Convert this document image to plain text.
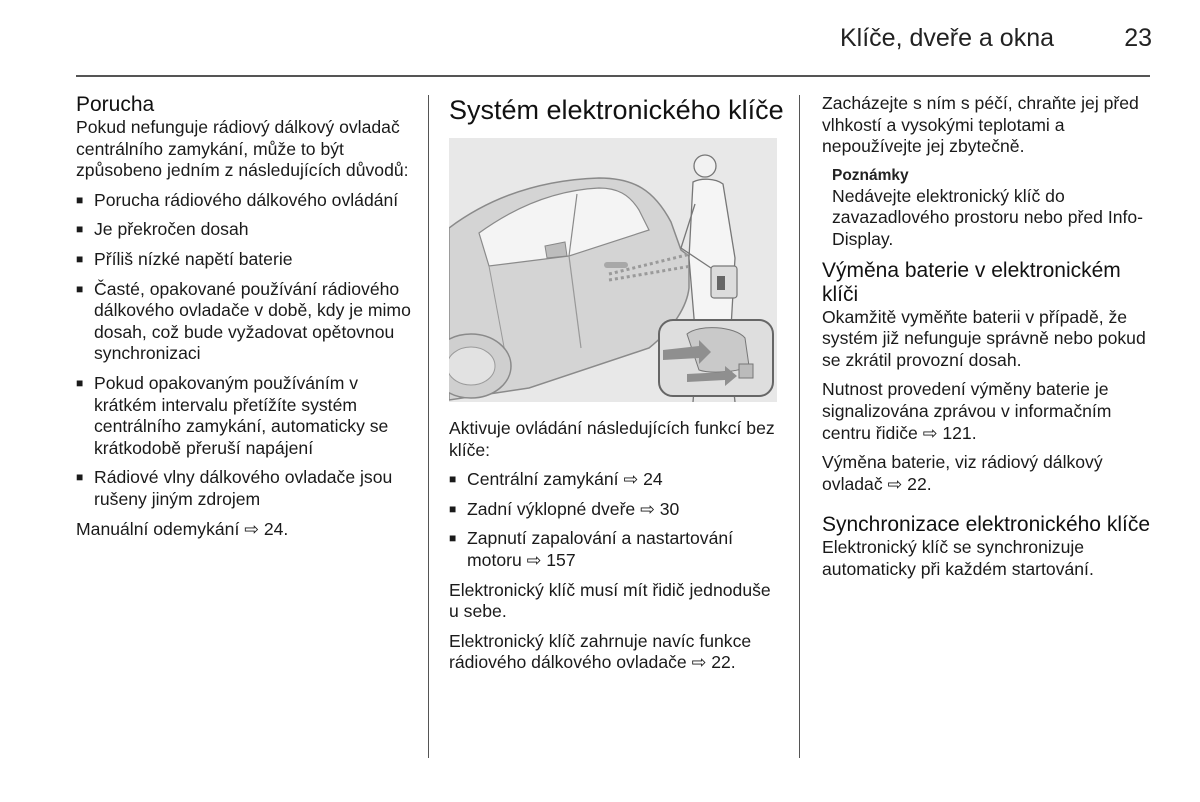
Klíče, dveře a okna	23
Porucha

Pokud nefunguje rádiový dálkový ovladač centrálního zamykání, může to být způsobeno jedním z následujících důvodů:

■ Porucha rádiového dálkového ovládání
■ Je překročen dosah
■ Příliš nízké napětí baterie
■ Časté, opakované používání rádiového dálkového ovladače v době, kdy je mimo dosah, což bude vyžadovat opětovnou synchronizaci
■ Pokud opakovaným používáním v krátkém intervalu přetížíte systém centrálního zamykání, automaticky se krátkodobě přeruší napájení
■ Rádiové vlny dálkového ovladače jsou rušeny jiným zdrojem

Manuální odemykání ⇨ 24.

Systém elektronického klíče

Aktivuje ovládání následujících funkcí bez klíče:

■ Centrální zamykání ⇨ 24
■ Zadní výklopné dveře ⇨ 30
■ Zapnutí zapalování a nastartování motoru ⇨ 157

Elektronický klíč musí mít řidič jednoduše u sebe.

Elektronický klíč zahrnuje navíc funkce rádiového dálkového ovladače ⇨ 22.

Zacházejte s ním s péčí, chraňte jej před vlhkostí a vysokými teplotami a nepoužívejte jej zbytečně.

Poznámky
Nedávejte elektronický klíč do zavazadlového prostoru nebo před Info-Display.
Výměna baterie v elektronickém klíči

Okamžitě vyměňte baterii v případě, že systém již nefunguje správně nebo pokud se zkrátil provozní dosah.

Nutnost provedení výměny baterie je signalizována zprávou v informačním centru řidiče ⇨ 121.

Výměna baterie, viz rádiový dálkový ovladač ⇨ 22.

Synchronizace elektronického klíče

Elektronický klíč se synchronizuje automaticky při každém startování.
